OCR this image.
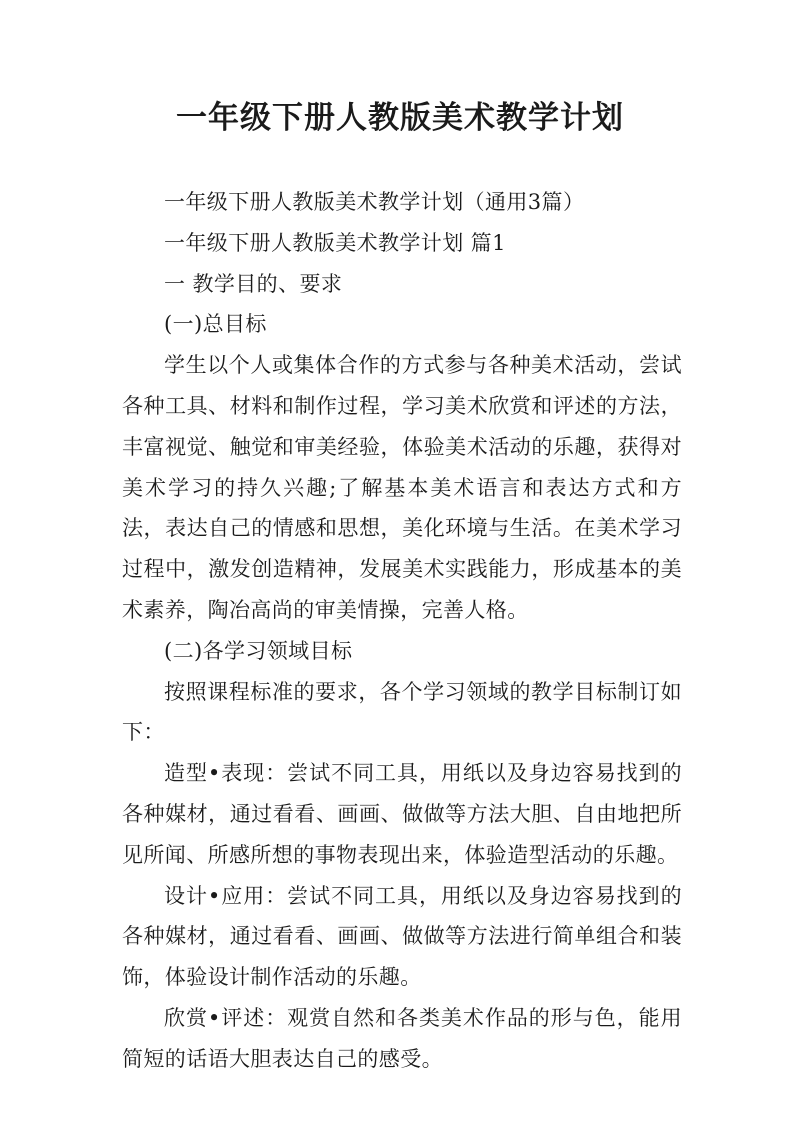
一年级下册人教版美术教学计划

一年级下册人教版美术教学计划（通用3篇）

一年级下册人教版美术教学计划 篇1

一 教学目的、要求

(一)总目标

学生以个人或集体合作的方式参与各种美术活动，尝试各种工具、材料和制作过程，学习美术欣赏和评述的方法，丰富视觉、触觉和审美经验，体验美术活动的乐趣，获得对美术学习的持久兴趣;了解基本美术语言和表达方式和方法，表达自己的情感和思想，美化环境与生活。在美术学习过程中，激发创造精神，发展美术实践能力，形成基本的美术素养，陶冶高尚的审美情操，完善人格。

(二)各学习领域目标

按照课程标准的要求，各个学习领域的教学目标制订如下：

造型•表现：尝试不同工具，用纸以及身边容易找到的各种媒材，通过看看、画画、做做等方法大胆、自由地把所见所闻、所感所想的事物表现出来，体验造型活动的乐趣。

设计•应用：尝试不同工具，用纸以及身边容易找到的各种媒材，通过看看、画画、做做等方法进行简单组合和装饰，体验设计制作活动的乐趣。

欣赏•评述：观赏自然和各类美术作品的形与色，能用简短的话语大胆表达自己的感受。
